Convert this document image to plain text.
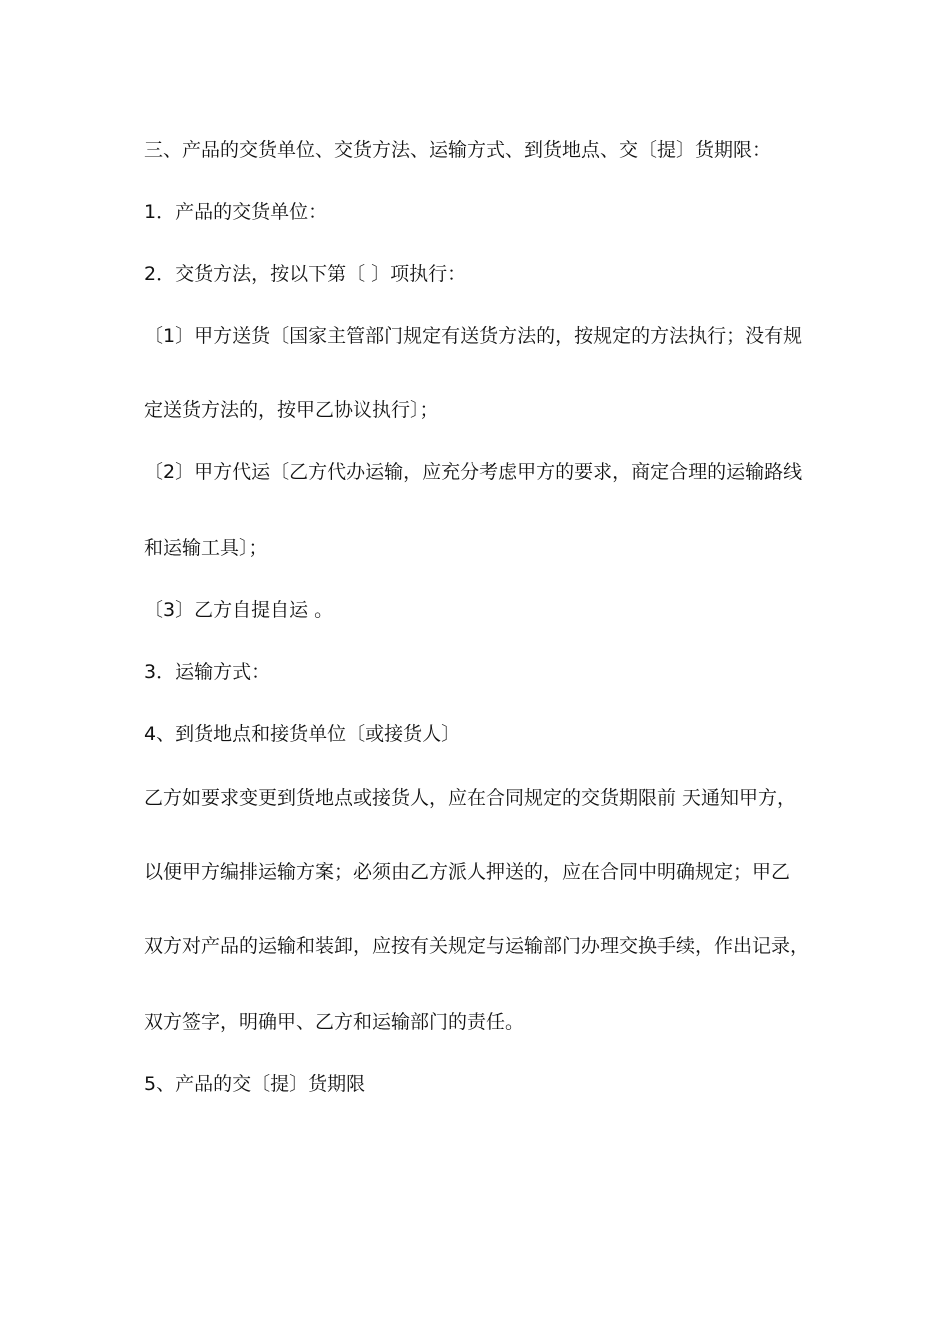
三、产品的交货单位、交货方法、运输方式、到货地点、交〔提〕货期限：
1．产品的交货单位：
2．交货方法，按以下第〔 〕项执行：
〔1〕甲方送货〔国家主管部门规定有送货方法的，按规定的方法执行；没有规
定送货方法的，按甲乙协议执行〕；
〔2〕甲方代运〔乙方代办运输，应充分考虑甲方的要求，商定合理的运输路线
和运输工具〕；
〔3〕乙方自提自运 。
3．运输方式：
4、到货地点和接货单位〔或接货人〕
乙方如要求变更到货地点或接货人，应在合同规定的交货期限前 天通知甲方，
以便甲方编排运输方案；必须由乙方派人押送的，应在合同中明确规定；甲乙
双方对产品的运输和装卸，应按有关规定与运输部门办理交换手续，作出记录，
双方签字，明确甲、乙方和运输部门的责任。
5、产品的交〔提〕货期限
